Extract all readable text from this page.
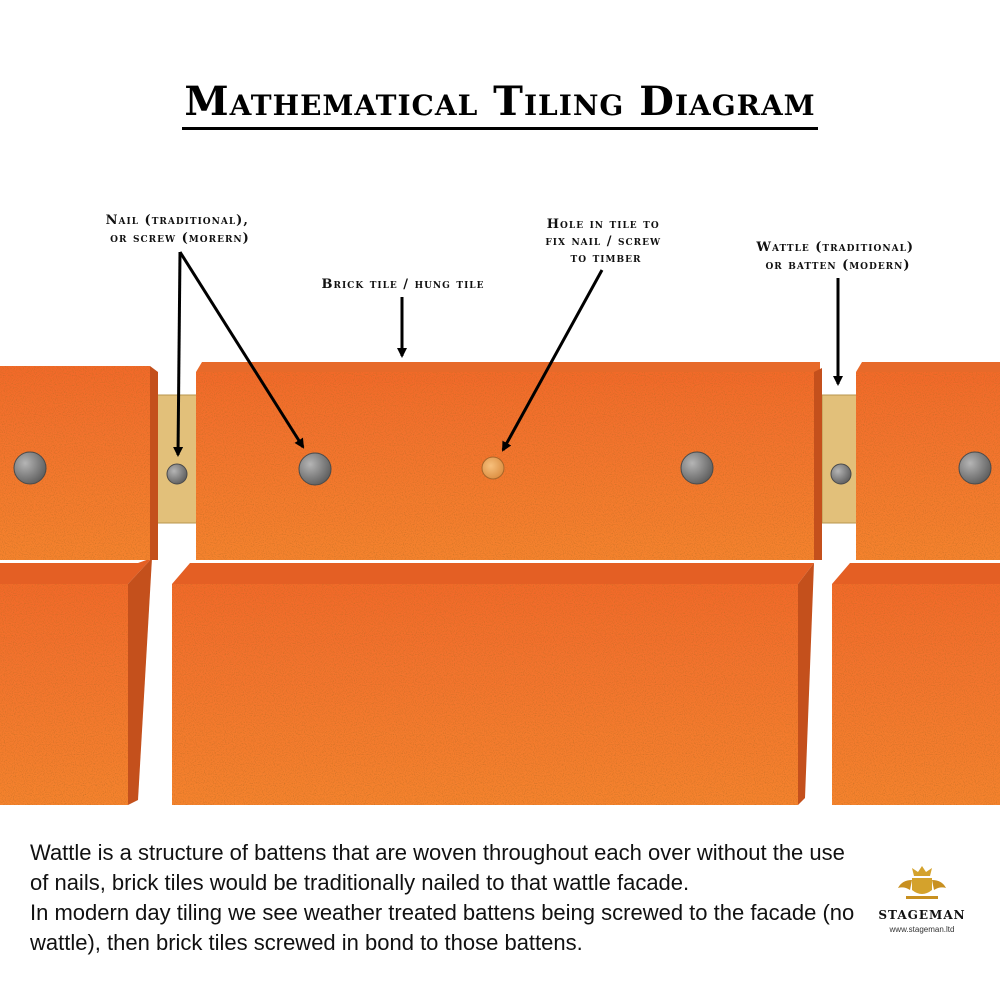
Mathematical Tiling Diagram
Nail (traditional), or screw (morern)
Brick tile / hung tile
Hole in tile to fix nail / screw to timber
Wattle (traditional) or batten (modern)

Wattle is a structure of battens that are woven throughout each over without the use of nails, brick tiles would be traditionally nailed to that wattle facade.

In modern day tiling we see weather treated battens being screwed to the facade (no wattle), then brick tiles screwed in bond to those battens.

STAGEMAN
www.stageman.ltd
